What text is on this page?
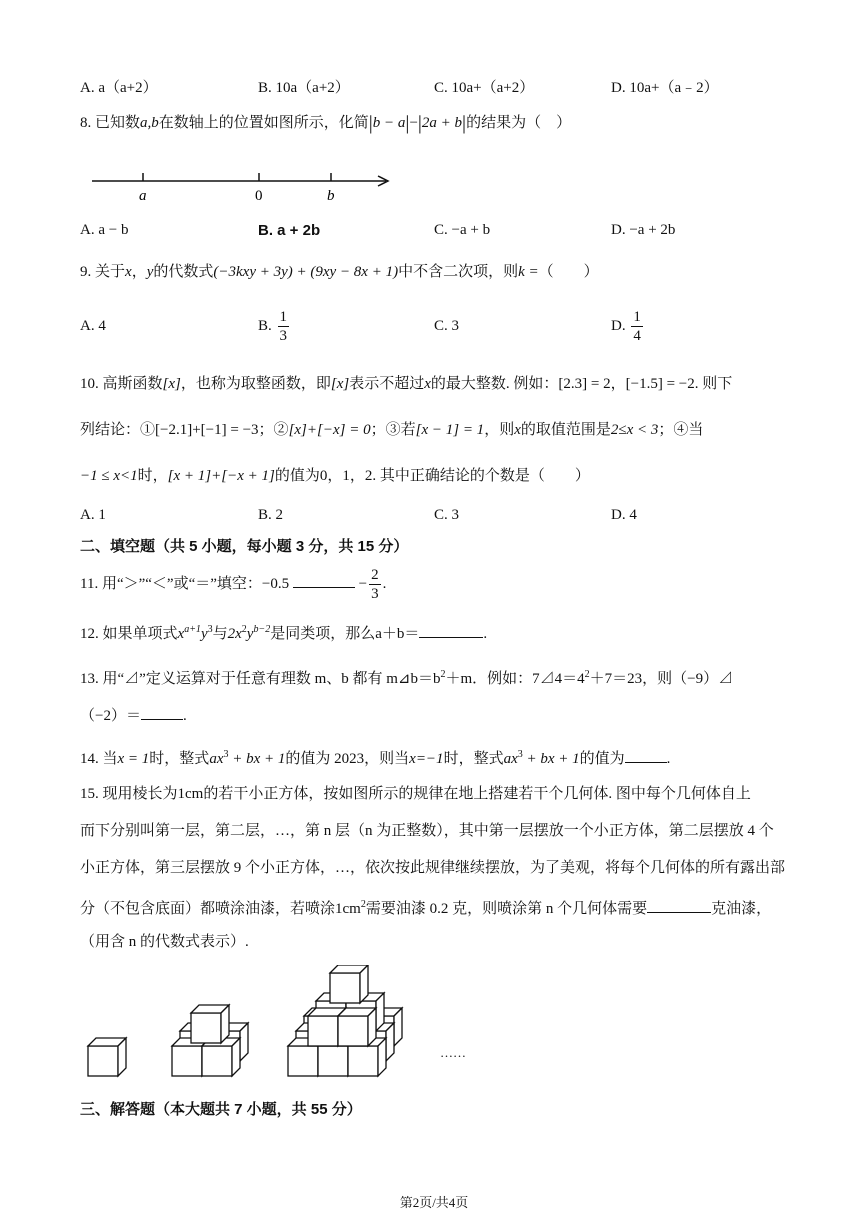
A. a（a+2）	B. 10a（a+2）	C. 10a+（a+2）	D. 10a+（a﹣2）
8. 已知数a,b在数轴上的位置如图所示，化简|b − a|−|2a + b|的结果为（　）
a	0	b
A. a − b	B. a + 2b	C. −a + b	D. −a + 2b
9. 关于x，y的代数式(−3kxy + 3y) + (9xy − 8x + 1)中不含二次项，则k =（　　）
A. 4	B. $\frac{1}{3}$	C. 3	D. $\frac{1}{4}$
10. 高斯函数[x]，也称为取整函数，即[x]表示不超过x的最大整数. 例如：[2.3] = 2，[−1.5] = −2. 则下
列结论：①[−2.1]+[−1] = −3；②[x]+[−x] = 0；③若[x − 1] = 1，则x的取值范围是2≤x < 3；④当
−1 ≤ x<1时，[x + 1]+[−x + 1]的值为0，1，2. 其中正确结论的个数是（　　）
A. 1	B. 2	C. 3	D. 4
二、填空题（共 5 小题，每小题 3 分，共 15 分）
11. 用“＞”“＜”或“＝”填空：−0.5	− $\frac{2}{3}$ .
12. 如果单项式$x^{a+1}y^3$与$2x^2y^{b-2}$是同类项，那么a＋b＝	.
13. 用“⊿”定义运算对于任意有理数 m、b 都有 $m⊿b=b^2+m$．例如：$7⊿4=4^2+7=23$，则（−9）⊿
（−2）＝	.
14. 当x = 1时，整式$ax^3$ + bx + 1的值为 2023，则当x=−1时，整式$ax^3$ + bx + 1的值为	.
15. 现用棱长为1cm的若干小正方体，按如图所示的规律在地上搭建若干个几何体. 图中每个几何体自上
而下分别叫第一层，第二层，…，第 n 层（n 为正整数），其中第一层摆放一个小正方体，第二层摆放 4 个
小正方体，第三层摆放 9 个小正方体，…，依次按此规律继续摆放，为了美观，将每个几何体的所有露出部
分（不包含底面）都喷涂油漆，若喷涂$1cm^2$需要油漆 0.2 克，则喷涂第 n 个几何体需要	克油漆，
（用含 n 的代数式表示）.
……
三、解答题（本大题共 7 小题，共 55 分）
第2页/共4页
